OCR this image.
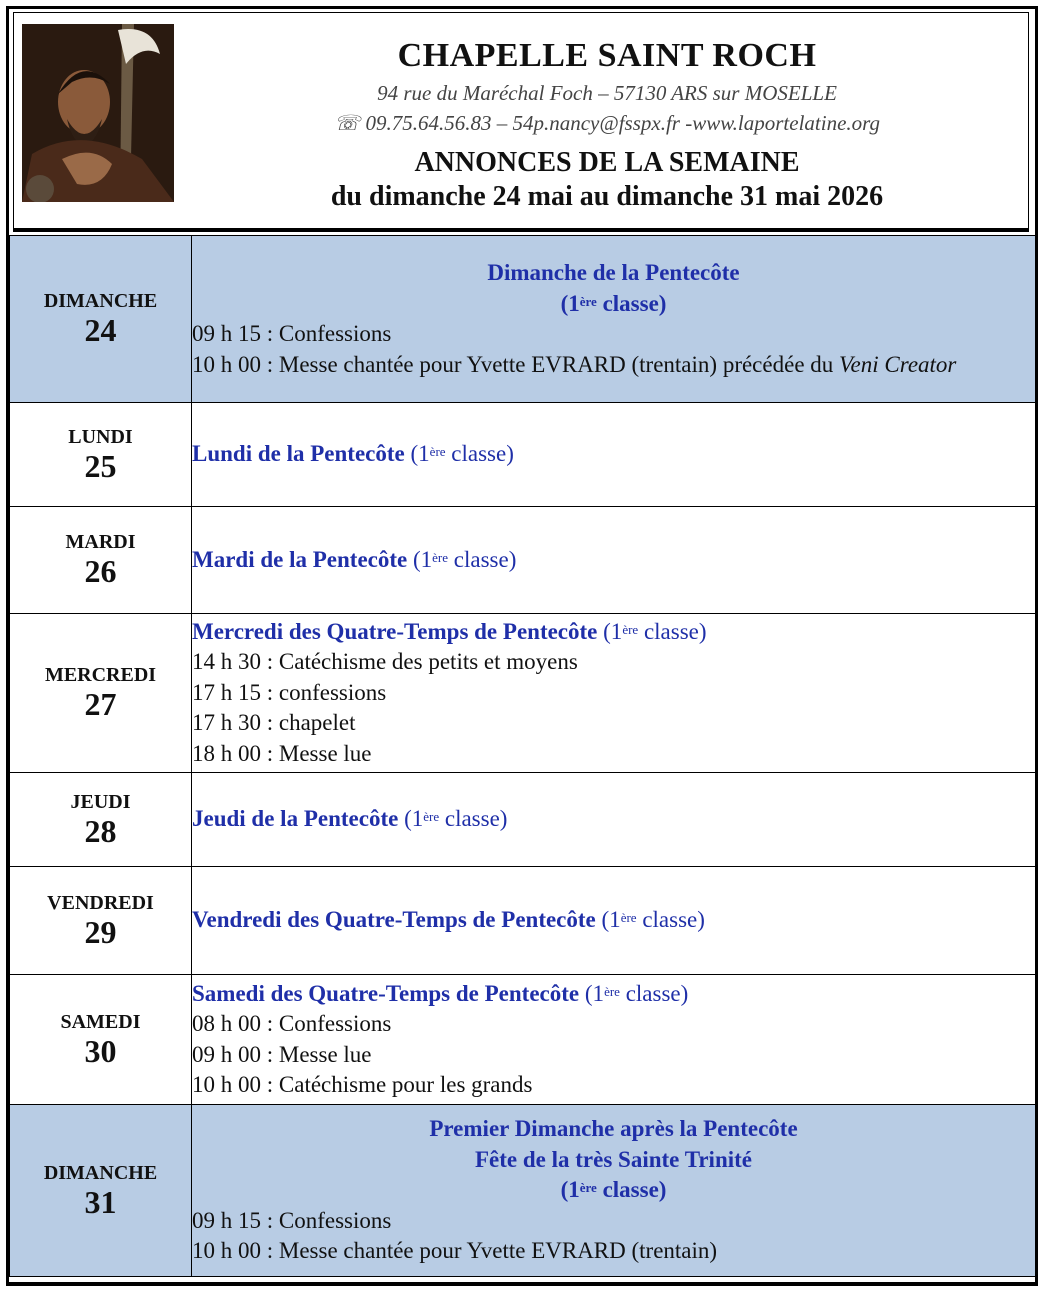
CHAPELLE SAINT ROCH
94 rue du Maréchal Foch – 57130 ARS sur MOSELLE
☏ 09.75.64.56.83 – 54p.nancy@fsspx.fr -www.laportelatine.org
ANNONCES DE LA SEMAINE
du dimanche 24 mai au dimanche 31 mai 2026
DIMANCHE
24	Dimanche de la Pentecôte
(1ère classe)
09 h 15 : Confessions
10 h 00 : Messe chantée pour Yvette EVRARD (trentain) précédée du Veni Creator

LUNDI
25	Lundi de la Pentecôte (1ère classe)

MARDI
26	Mardi de la Pentecôte (1ère classe)

MERCREDI
27	Mercredi des Quatre-Temps de Pentecôte (1ère classe)
14 h 30 : Catéchisme des petits et moyens
17 h 15 : confessions
17 h 30 : chapelet
18 h 00 : Messe lue

JEUDI
28	Jeudi de la Pentecôte (1ère classe)

VENDREDI
29	Vendredi des Quatre-Temps de Pentecôte (1ère classe)

SAMEDI
30	Samedi des Quatre-Temps de Pentecôte (1ère classe)
08 h 00 : Confessions
09 h 00 : Messe lue
10 h 00 : Catéchisme pour les grands

DIMANCHE
31	Premier Dimanche après la Pentecôte
Fête de la très Sainte Trinité
(1ère classe)
09 h 15 : Confessions
10 h 00 : Messe chantée pour Yvette EVRARD (trentain)
